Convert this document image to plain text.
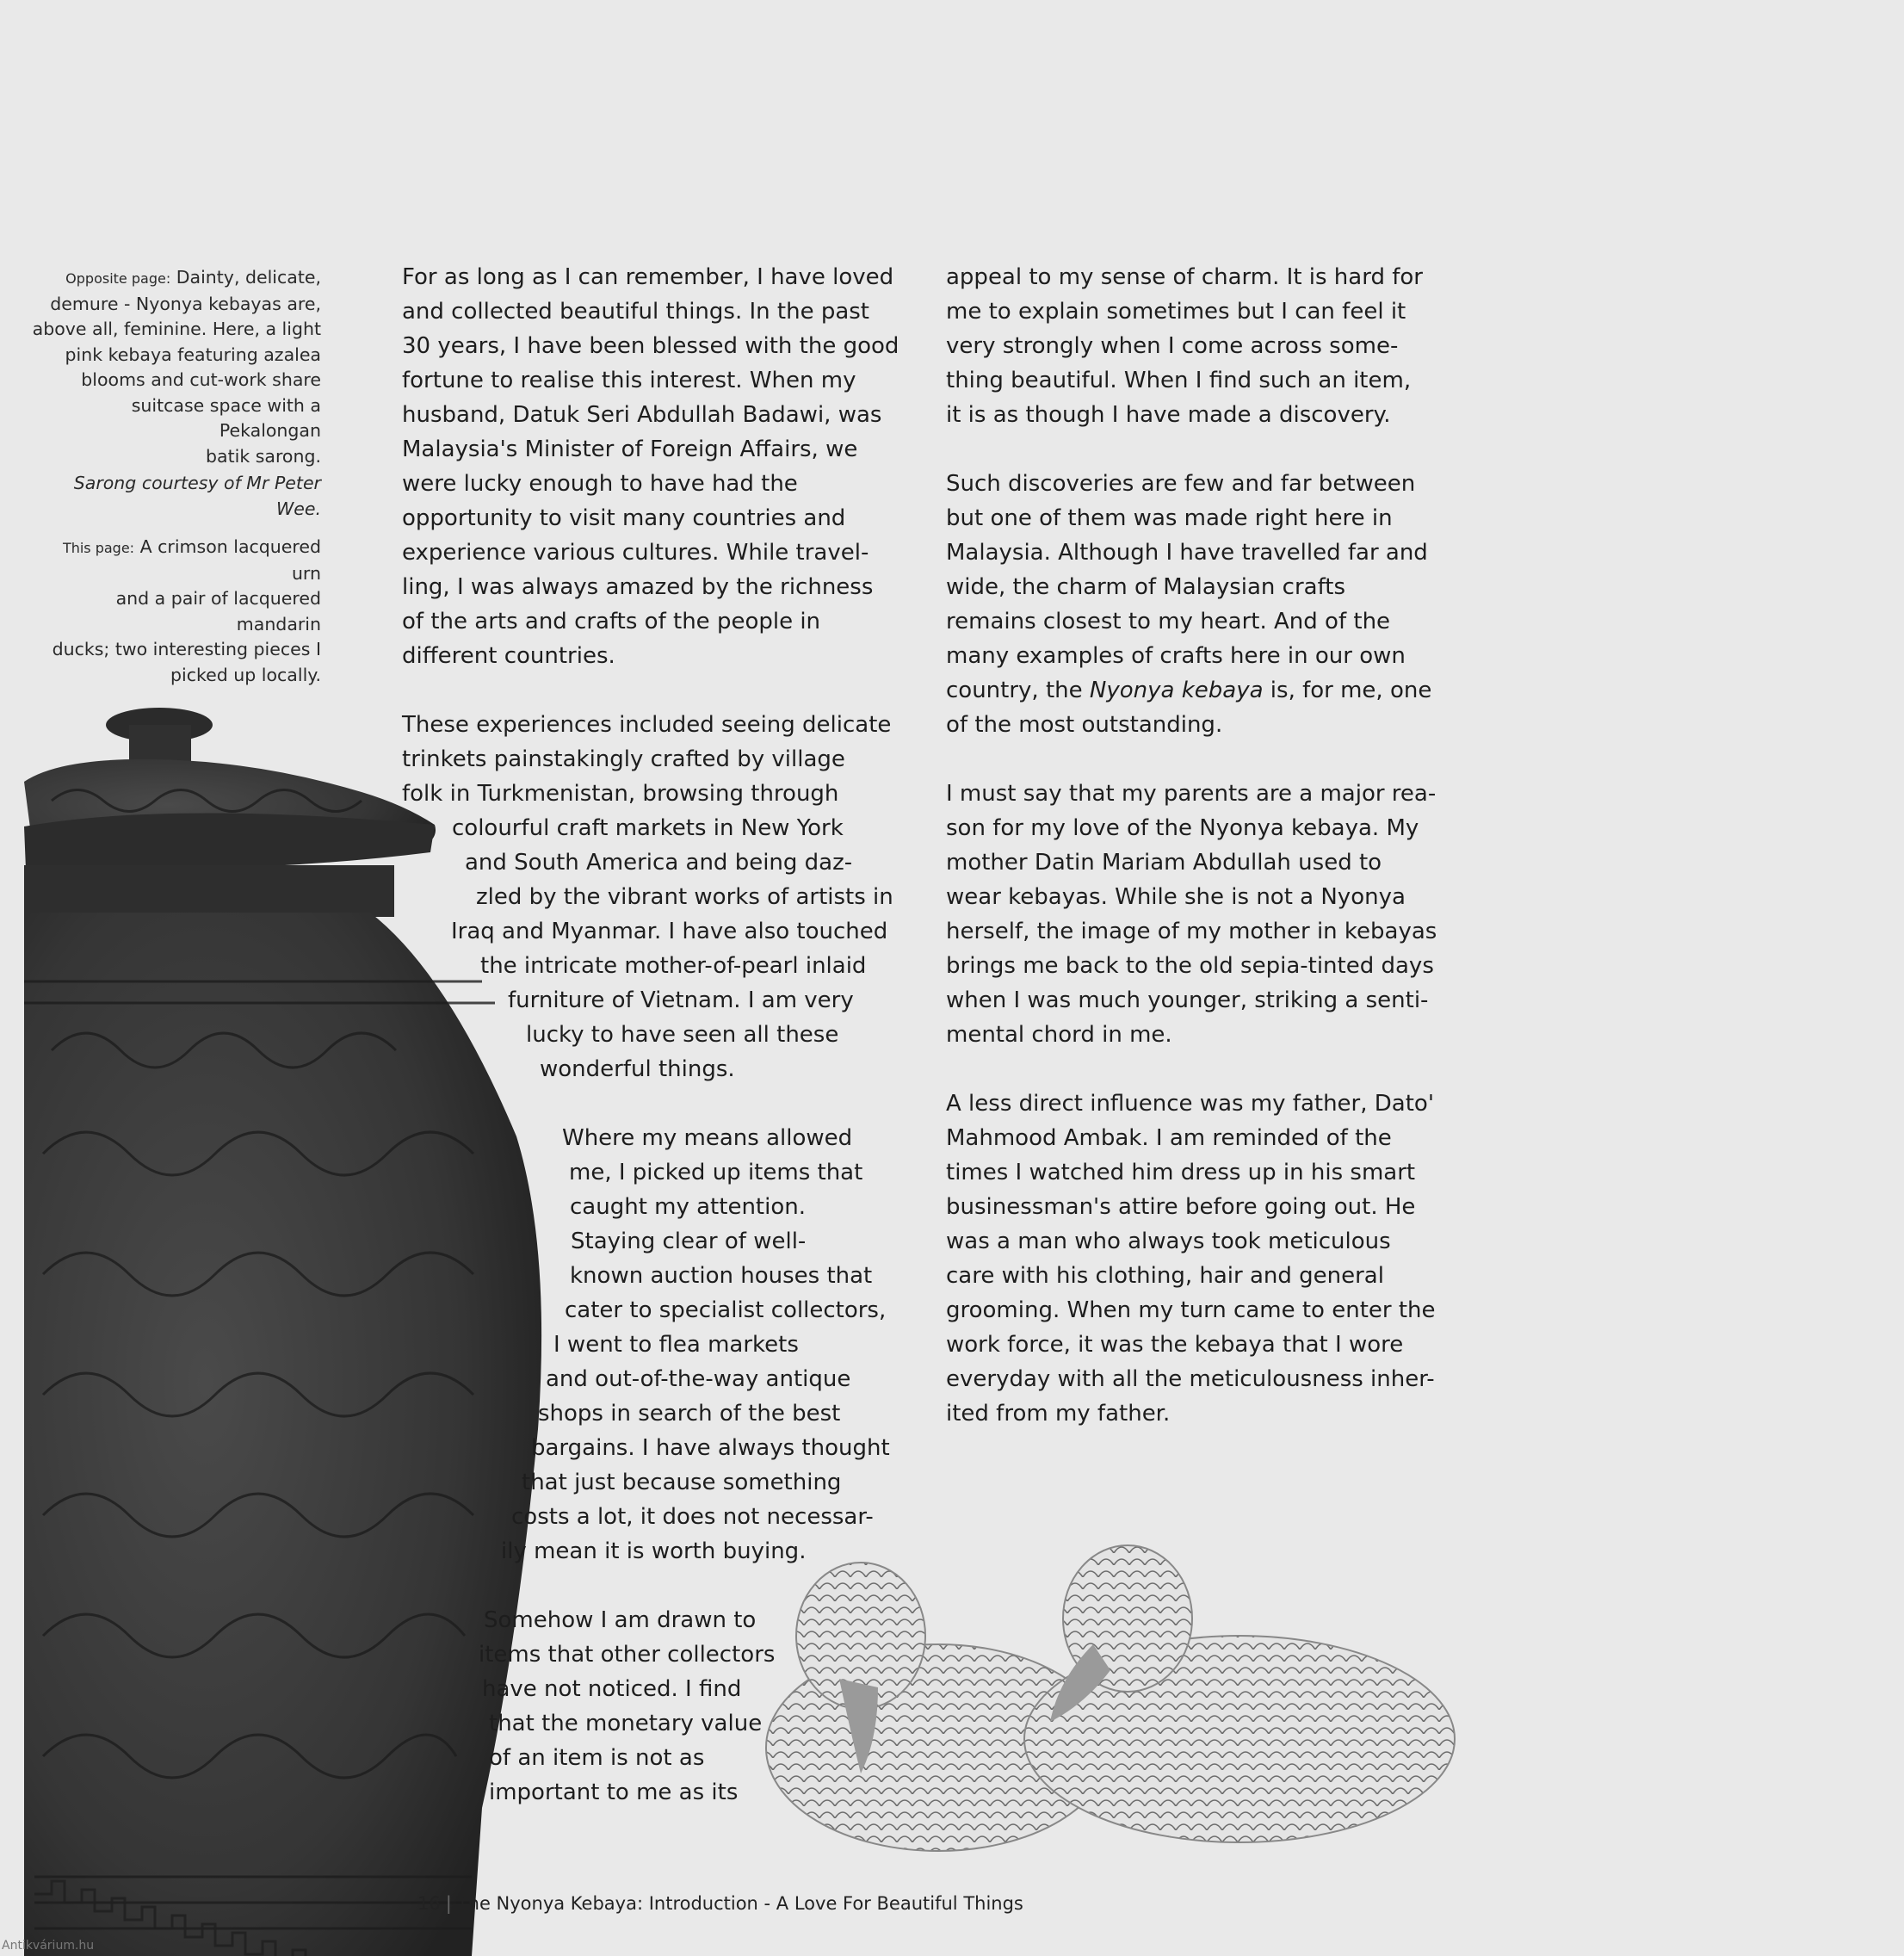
Opposite page: Dainty, delicate,
demure - Nyonya kebayas are,
above all, feminine. Here, a light
pink kebaya featuring azalea
blooms and cut-work share
suitcase space with a Pekalongan
batik sarong.
Sarong courtesy of Mr Peter Wee.
This page: A crimson lacquered urn
and a pair of lacquered mandarin
ducks; two interesting pieces I
picked up locally.
For as long as I can remember, I have loved
and collected beautiful things. In the past
30 years, I have been blessed with the good
fortune to realise this interest. When my
husband, Datuk Seri Abdullah Badawi, was
Malaysia's Minister of Foreign Affairs, we
were lucky enough to have had the
opportunity to visit many countries and
experience various cultures. While travel-
ling, I was always amazed by the richness
of the arts and crafts of the people in
different countries.
These experiences included seeing delicate
trinkets painstakingly crafted by village
folk in Turkmenistan, browsing through
colourful craft markets in New York
and South America and being daz-
zled by the vibrant works of artists in
Iraq and Myanmar. I have also touched
the intricate mother-of-pearl inlaid
furniture of Vietnam. I am very
lucky to have seen all these
wonderful things.
Where my means allowed
me, I picked up items that
caught my attention.
Staying clear of well-
known auction houses that
cater to specialist collectors,
I went to flea markets
and out-of-the-way antique
shops in search of the best
bargains. I have always thought
that just because something
costs a lot, it does not necessar-
ily mean it is worth buying.
Somehow I am drawn to
items that other collectors
have not noticed. I find
that the monetary value
of an item is not as
important to me as its
appeal to my sense of charm. It is hard for
me to explain sometimes but I can feel it
very strongly when I come across some-
thing beautiful. When I find such an item,
it is as though I have made a discovery.
Such discoveries are few and far between
but one of them was made right here in
Malaysia. Although I have travelled far and
wide, the charm of Malaysian crafts
remains closest to my heart. And of the
many examples of crafts here in our own
country, the Nyonya kebaya is, for me, one
of the most outstanding.
I must say that my parents are a major rea-
son for my love of the Nyonya kebaya. My
mother Datin Mariam Abdullah used to
wear kebayas. While she is not a Nyonya
herself, the image of my mother in kebayas
brings me back to the old sepia-tinted days
when I was much younger, striking a senti-
mental chord in me.
A less direct influence was my father, Dato'
Mahmood Ambak. I am reminded of the
times I watched him dress up in his smart
businessman's attire before going out. He
was a man who always took meticulous
care with his clothing, hair and general
grooming. When my turn came to enter the
work force, it was the kebaya that I wore
everyday with all the meticulousness inher-
ited from my father.
16 | The Nyonya Kebaya: Introduction - A Love For Beautiful Things
Antikvárium.hu
